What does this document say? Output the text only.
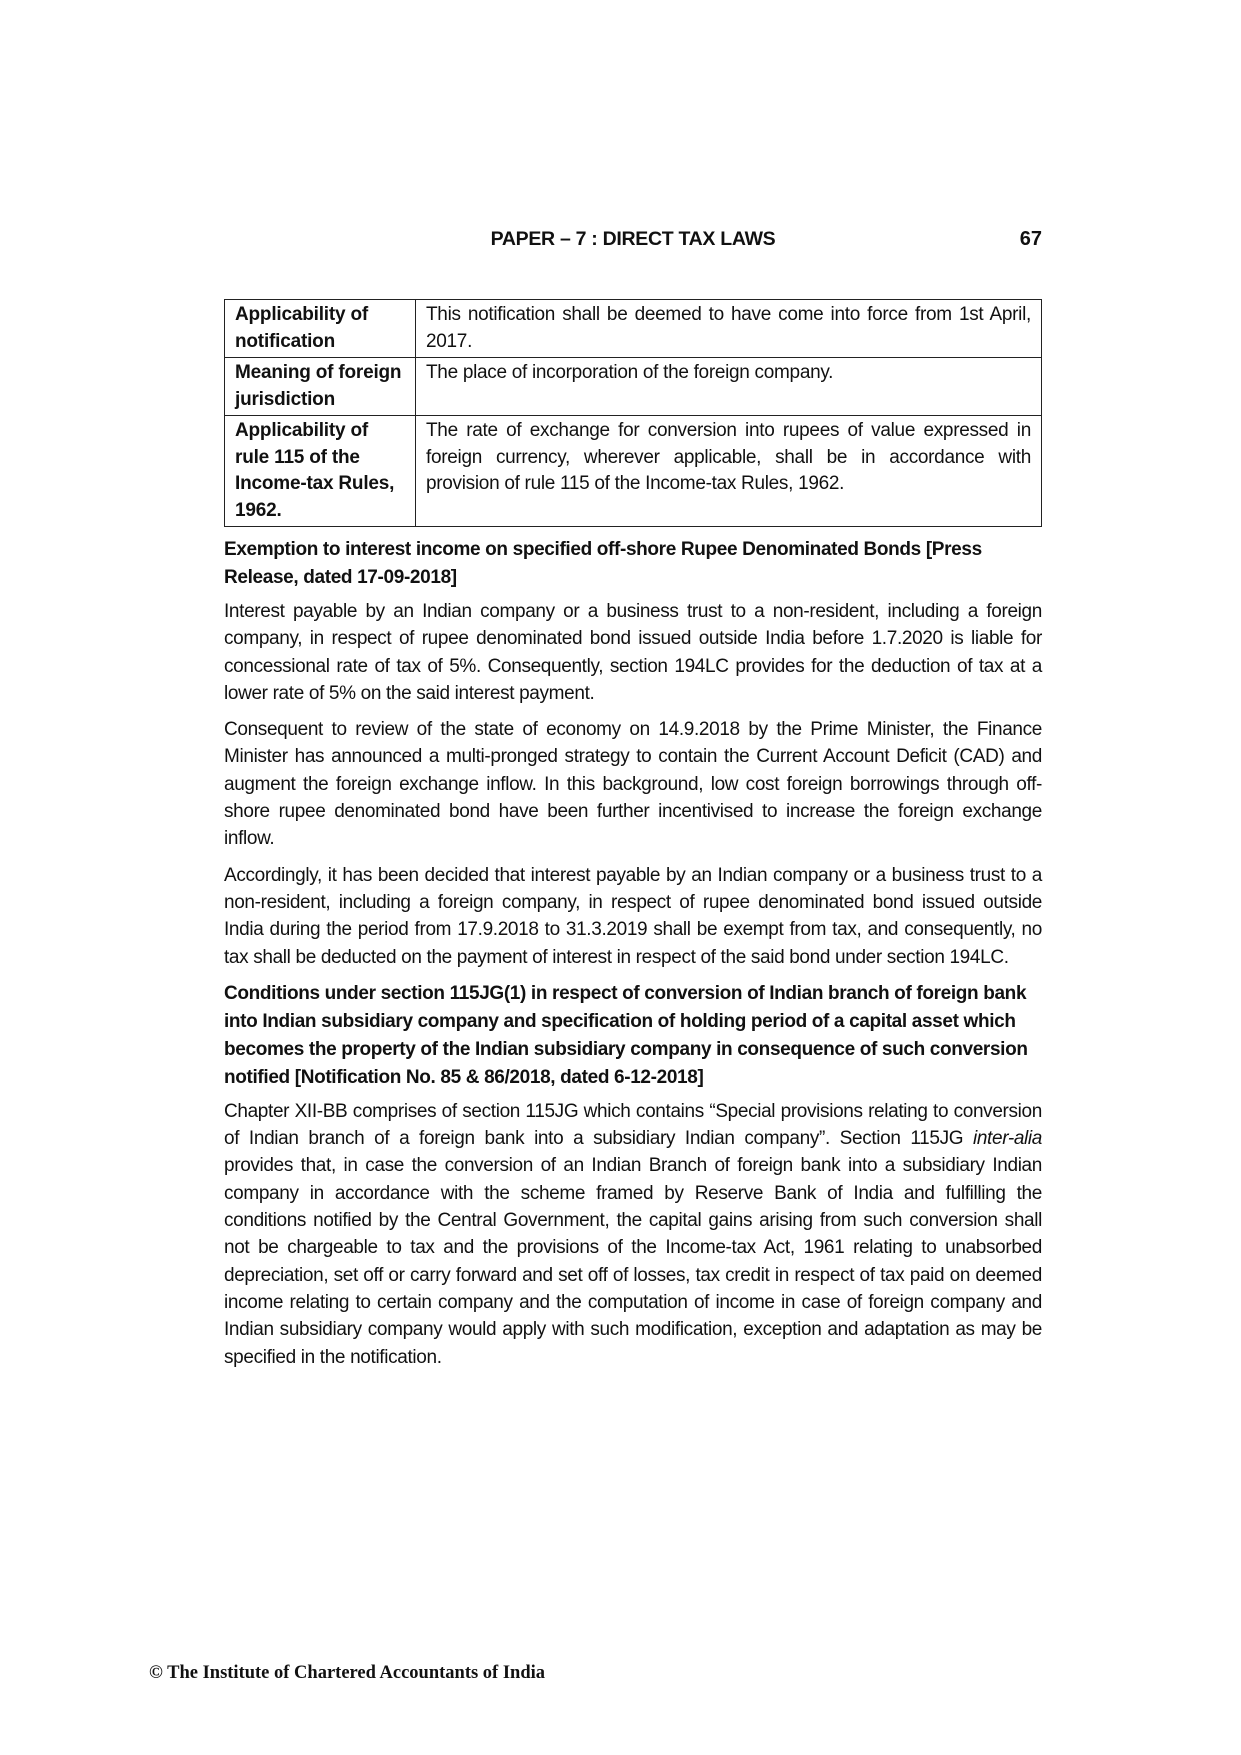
PAPER – 7 : DIRECT TAX LAWS	67
Applicability of notification	This notification shall be deemed to have come into force from 1st April, 2017.
Meaning of foreign jurisdiction	The place of incorporation of the foreign company.
Applicability of rule 115 of the Income-tax Rules, 1962.	The rate of exchange for conversion into rupees of value expressed in foreign currency, wherever applicable, shall be in accordance with provision of rule 115 of the Income-tax Rules, 1962.
Exemption to interest income on specified off-shore Rupee Denominated Bonds [Press Release, dated 17-09-2018]

Interest payable by an Indian company or a business trust to a non-resident, including a foreign company, in respect of rupee denominated bond issued outside India before 1.7.2020 is liable for concessional rate of tax of 5%. Consequently, section 194LC provides for the deduction of tax at a lower rate of 5% on the said interest payment.

Consequent to review of the state of economy on 14.9.2018 by the Prime Minister, the Finance Minister has announced a multi-pronged strategy to contain the Current Account Deficit (CAD) and augment the foreign exchange inflow. In this background, low cost foreign borrowings through off-shore rupee denominated bond have been further incentivised to increase the foreign exchange inflow.

Accordingly, it has been decided that interest payable by an Indian company or a business trust to a non-resident, including a foreign company, in respect of rupee denominated bond issued outside India during the period from 17.9.2018 to 31.3.2019 shall be exempt from tax, and consequently, no tax shall be deducted on the payment of interest in respect of the said bond under section 194LC.

Conditions under section 115JG(1) in respect of conversion of Indian branch of foreign bank into Indian subsidiary company and specification of holding period of a capital asset which becomes the property of the Indian subsidiary company in consequence of such conversion notified [Notification No. 85 & 86/2018, dated 6-12-2018]

Chapter XII-BB comprises of section 115JG which contains “Special provisions relating to conversion of Indian branch of a foreign bank into a subsidiary Indian company”. Section 115JG inter-alia provides that, in case the conversion of an Indian Branch of foreign bank into a subsidiary Indian company in accordance with the scheme framed by Reserve Bank of India and fulfilling the conditions notified by the Central Government, the capital gains arising from such conversion shall not be chargeable to tax and the provisions of the Income-tax Act, 1961 relating to unabsorbed depreciation, set off or carry forward and set off of losses, tax credit in respect of tax paid on deemed income relating to certain company and the computation of income in case of foreign company and Indian subsidiary company would apply with such modification, exception and adaptation as may be specified in the notification.

© The Institute of Chartered Accountants of India
